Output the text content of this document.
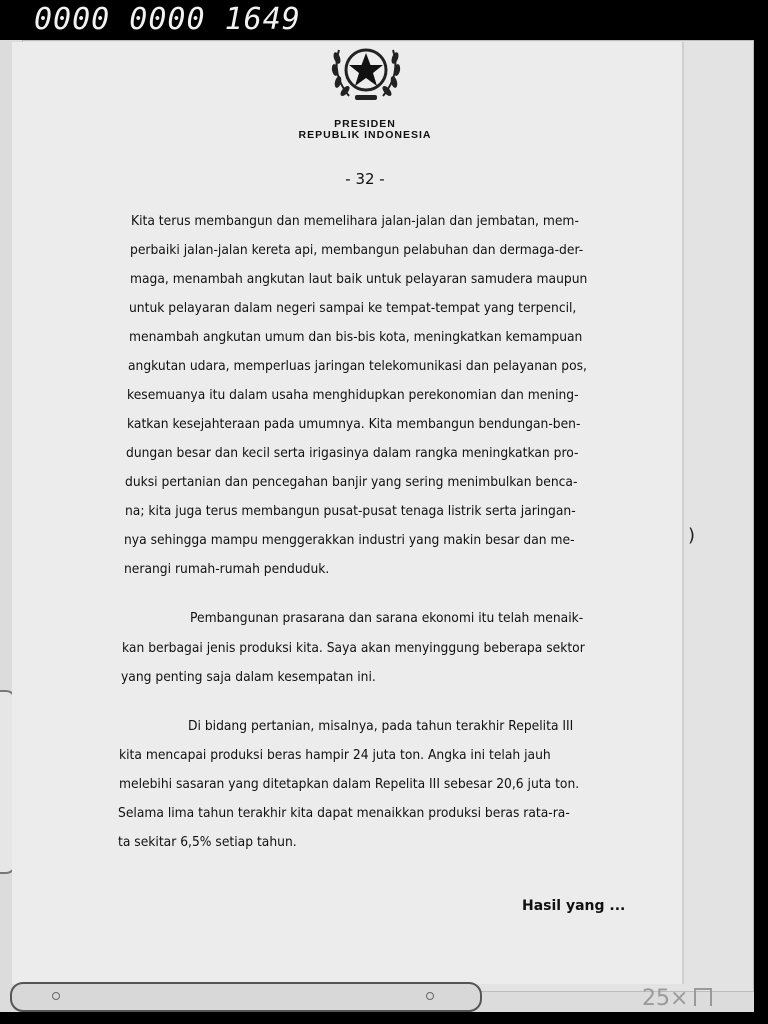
0000 0000 1649
)
PRESIDEN
REPUBLIK INDONESIA
- 32 -
Kita terus membangun dan memelihara jalan-jalan dan jembatan, mem-
perbaiki jalan-jalan kereta api, membangun pelabuhan dan dermaga-der-
maga, menambah angkutan laut baik untuk pelayaran samudera maupun
untuk pelayaran dalam negeri sampai ke tempat-tempat yang terpencil,
menambah angkutan umum dan bis-bis kota, meningkatkan kemampuan
angkutan udara, memperluas jaringan telekomunikasi dan pelayanan pos,
kesemuanya itu dalam usaha menghidupkan perekonomian dan mening-
katkan kesejahteraan pada umumnya. Kita membangun bendungan-ben-
dungan besar dan kecil serta irigasinya dalam rangka meningkatkan pro-
duksi pertanian dan pencegahan banjir yang sering menimbulkan benca-
na; kita juga terus membangun pusat-pusat tenaga listrik serta jaringan-
nya sehingga mampu menggerakkan industri yang makin besar dan me-
nerangi rumah-rumah penduduk.
Pembangunan prasarana dan sarana ekonomi itu telah menaik-
kan berbagai jenis produksi kita. Saya akan menyinggung beberapa sektor
yang penting saja dalam kesempatan ini.
Di bidang pertanian, misalnya, pada tahun terakhir Repelita III
kita mencapai produksi beras hampir 24 juta ton. Angka ini telah jauh
melebihi sasaran yang ditetapkan dalam Repelita III sebesar 20,6 juta ton.
Selama lima tahun terakhir kita dapat menaikkan produksi beras rata-ra-
ta sekitar 6,5% setiap tahun.
Hasil yang ...
25×
